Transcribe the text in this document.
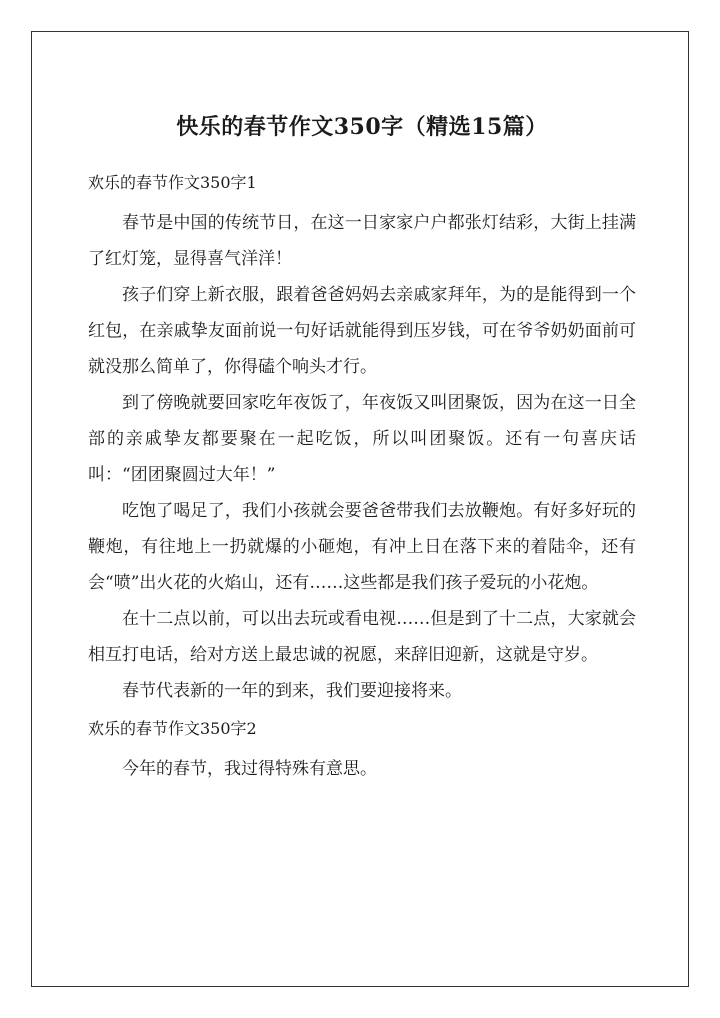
快乐的春节作文350字（精选15篇）
欢乐的春节作文350字1

春节是中国的传统节日，在这一日家家户户都张灯结彩，大街上挂满了红灯笼，显得喜气洋洋！

孩子们穿上新衣服，跟着爸爸妈妈去亲戚家拜年，为的是能得到一个红包，在亲戚挚友面前说一句好话就能得到压岁钱，可在爷爷奶奶面前可就没那么简单了，你得磕个响头才行。

到了傍晚就要回家吃年夜饭了，年夜饭又叫团聚饭，因为在这一日全部的亲戚挚友都要聚在一起吃饭，所以叫团聚饭。还有一句喜庆话叫：“团团聚圆过大年！”

吃饱了喝足了，我们小孩就会要爸爸带我们去放鞭炮。有好多好玩的鞭炮，有往地上一扔就爆的小砸炮，有冲上日在落下来的着陆伞，还有会“喷”出火花的火焰山，还有……这些都是我们孩子爱玩的小花炮。

在十二点以前，可以出去玩或看电视……但是到了十二点，大家就会相互打电话，给对方送上最忠诚的祝愿，来辞旧迎新，这就是守岁。

春节代表新的一年的到来，我们要迎接将来。

欢乐的春节作文350字2

今年的春节，我过得特殊有意思。
